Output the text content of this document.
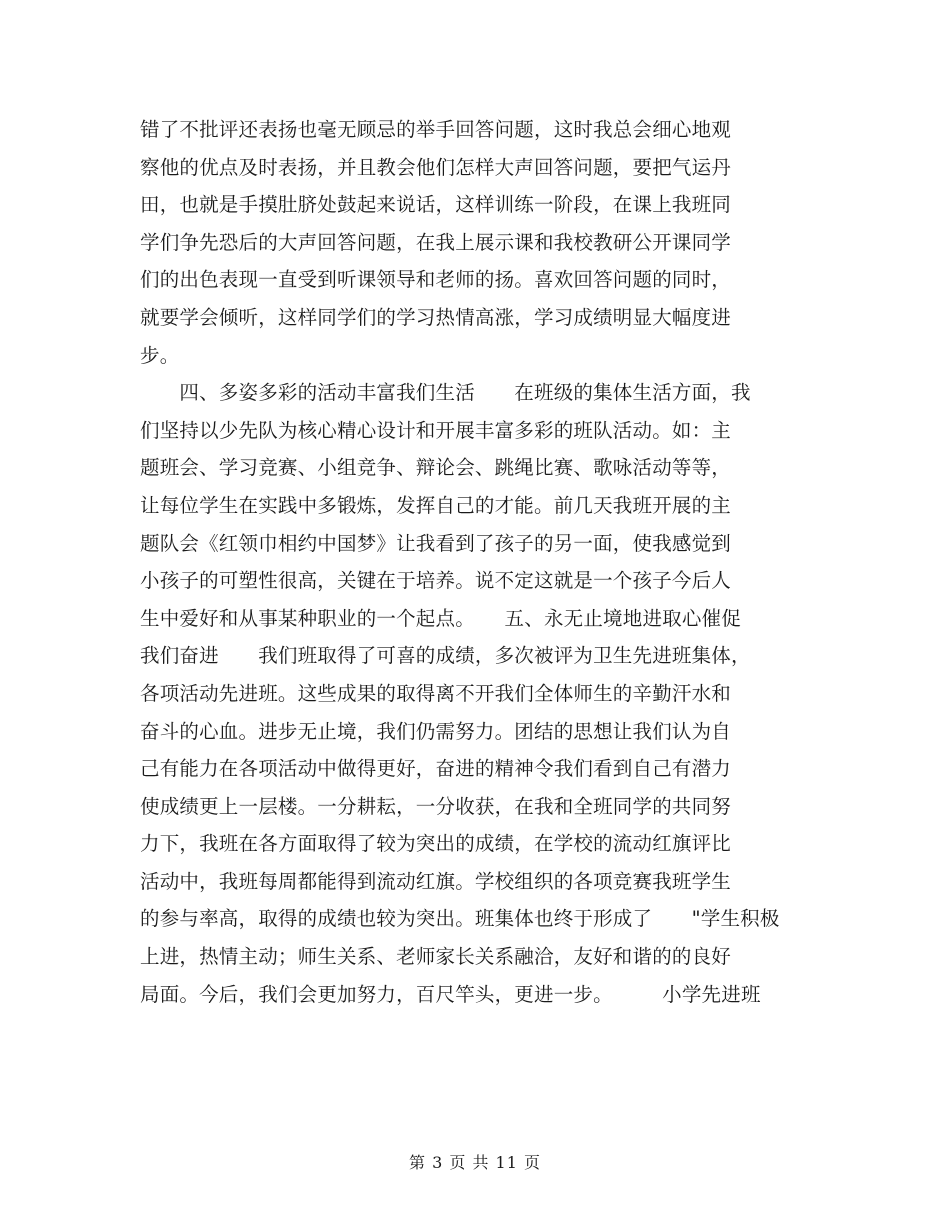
错了不批评还表扬也毫无顾忌的举手回答问题，这时我总会细心地观
察他的优点及时表扬，并且教会他们怎样大声回答问题，要把气运丹
田，也就是手摸肚脐处鼓起来说话，这样训练一阶段，在课上我班同
学们争先恐后的大声回答问题，在我上展示课和我校教研公开课同学
们的出色表现一直受到听课领导和老师的扬。喜欢回答问题的同时，
就要学会倾听，这样同学们的学习热情高涨，学习成绩明显大幅度进
步。
　　四、多姿多彩的活动丰富我们生活　　在班级的集体生活方面，我
们坚持以少先队为核心精心设计和开展丰富多彩的班队活动。如：主
题班会、学习竞赛、小组竞争、辩论会、跳绳比赛、歌咏活动等等，
让每位学生在实践中多锻炼，发挥自己的才能。前几天我班开展的主
题队会《红领巾相约中国梦》让我看到了孩子的另一面，使我感觉到
小孩子的可塑性很高，关键在于培养。说不定这就是一个孩子今后人
生中爱好和从事某种职业的一个起点。　　五、永无止境地进取心催促
我们奋进　　我们班取得了可喜的成绩，多次被评为卫生先进班集体，
各项活动先进班。这些成果的取得离不开我们全体师生的辛勤汗水和
奋斗的心血。进步无止境，我们仍需努力。团结的思想让我们认为自
己有能力在各项活动中做得更好，奋进的精神令我们看到自己有潜力
使成绩更上一层楼。一分耕耘，一分收获，在我和全班同学的共同努
力下，我班在各方面取得了较为突出的成绩，在学校的流动红旗评比
活动中，我班每周都能得到流动红旗。学校组织的各项竞赛我班学生
的参与率高，取得的成绩也较为突出。班集体也终于形成了　　"学生积极
上进，热情主动；师生关系、老师家长关系融洽，友好和谐的的良好
局面。今后，我们会更加努力，百尺竿头，更进一步。　　　小学先进班
第 3 页 共 11 页
